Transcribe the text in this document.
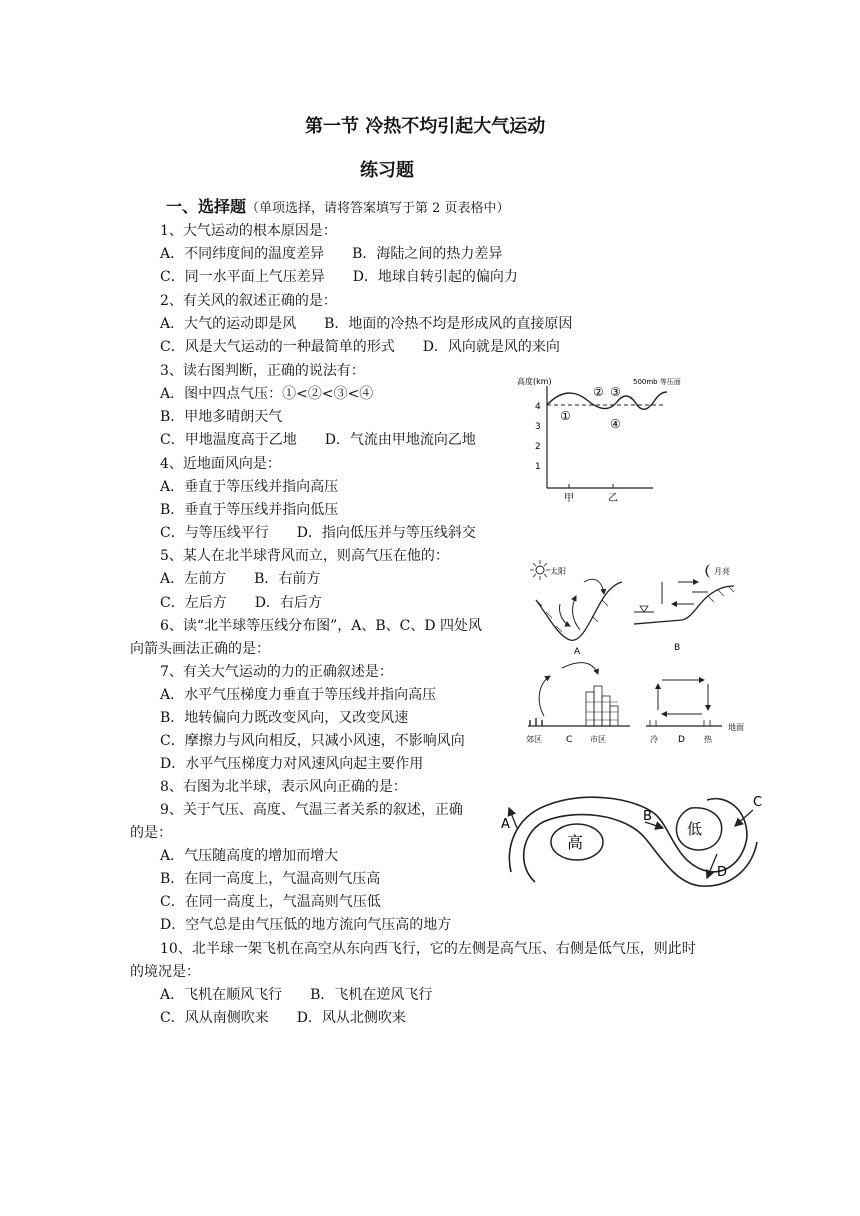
第一节 冷热不均引起大气运动
练习题
一、选择题（单项选择，请将答案填写于第 2 页表格中）
1、大气运动的根本原因是：
A．不同纬度间的温度差异　　B．海陆之间的热力差异
C．同一水平面上气压差异　　D．地球自转引起的偏向力
2、有关风的叙述正确的是：
A．大气的运动即是风　　B．地面的冷热不均是形成风的直接原因
C．风是大气运动的一种最简单的形式　　D．风向就是风的来向
3、读右图判断，正确的说法有：
A．图中四点气压：①<②<③<④
B．甲地多晴朗天气
C．甲地温度高于乙地　　D．气流由甲地流向乙地
4、近地面风向是：
A．垂直于等压线并指向高压
B．垂直于等压线并指向低压
C．与等压线平行　　D．指向低压并与等压线斜交
5、某人在北半球背风而立，则高气压在他的：
A．左前方　　B．右前方
C．左后方　　D．右后方
6、读“北半球等压线分布图”，A、B、C、D 四处风
向箭头画法正确的是：
7、有关大气运动的力的正确叙述是：
A．水平气压梯度力垂直于等压线并指向高压
B．地转偏向力既改变风向，又改变风速
C．摩擦力与风向相反，只减小风速，不影响风向
D．水平气压梯度力对风速风向起主要作用
8、右图为北半球，表示风向正确的是：
9、关于气压、高度、气温三者关系的叙述，正确
的是：
A．气压随高度的增加而增大
B．在同一高度上，气温高则气压高
C．在同一高度上，气温高则气压低
D．空气总是由气压低的地方流向气压高的地方
10、北半球一架飞机在高空从东向西飞行，它的左侧是高气压、右侧是低气压，则此时
的境况是：
A．飞机在顺风飞行　　B．飞机在逆风飞行
C．风从南侧吹来　　D．风从北侧吹来
高度(km)
4
3
2
1
500mb 等压面
①
② ③
④
甲	乙
太阳
A
月亮
B
郊区	C 市区	冷 D 热
地面
高
低
A
B
C
D
